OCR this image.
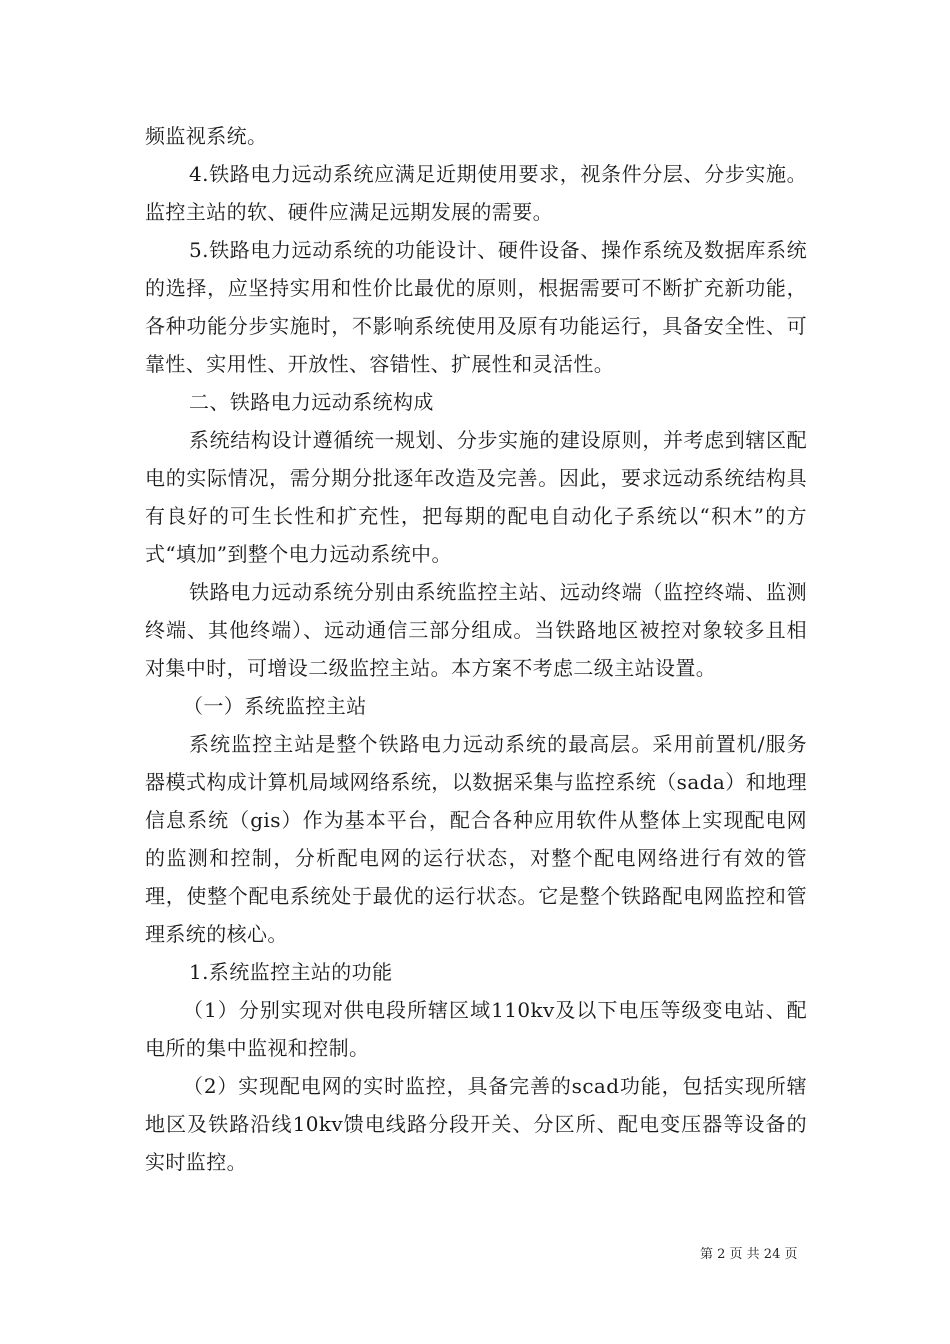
频监视系统。

4.铁路电力远动系统应满足近期使用要求，视条件分层、分步实施。监控主站的软、硬件应满足远期发展的需要。

5.铁路电力远动系统的功能设计、硬件设备、操作系统及数据库系统的选择，应坚持实用和性价比最优的原则，根据需要可不断扩充新功能，各种功能分步实施时，不影响系统使用及原有功能运行，具备安全性、可靠性、实用性、开放性、容错性、扩展性和灵活性。

二、铁路电力远动系统构成

系统结构设计遵循统一规划、分步实施的建设原则，并考虑到辖区配电的实际情况，需分期分批逐年改造及完善。因此，要求远动系统结构具有良好的可生长性和扩充性，把每期的配电自动化子系统以“积木”的方式“填加”到整个电力远动系统中。

铁路电力远动系统分别由系统监控主站、远动终端（监控终端、监测终端、其他终端）、远动通信三部分组成。当铁路地区被控对象较多且相对集中时，可增设二级监控主站。本方案不考虑二级主站设置。

（一）系统监控主站

系统监控主站是整个铁路电力远动系统的最高层。采用前置机/服务器模式构成计算机局域网络系统，以数据采集与监控系统（sada）和地理信息系统（gis）作为基本平台，配合各种应用软件从整体上实现配电网的监测和控制，分析配电网的运行状态，对整个配电网络进行有效的管理，使整个配电系统处于最优的运行状态。它是整个铁路配电网监控和管理系统的核心。

1.系统监控主站的功能

（1）分别实现对供电段所辖区域110kv及以下电压等级变电站、配电所的集中监视和控制。

（2）实现配电网的实时监控，具备完善的scad功能，包括实现所辖地区及铁路沿线10kv馈电线路分段开关、分区所、配电变压器等设备的实时监控。

第 2 页 共 24 页
